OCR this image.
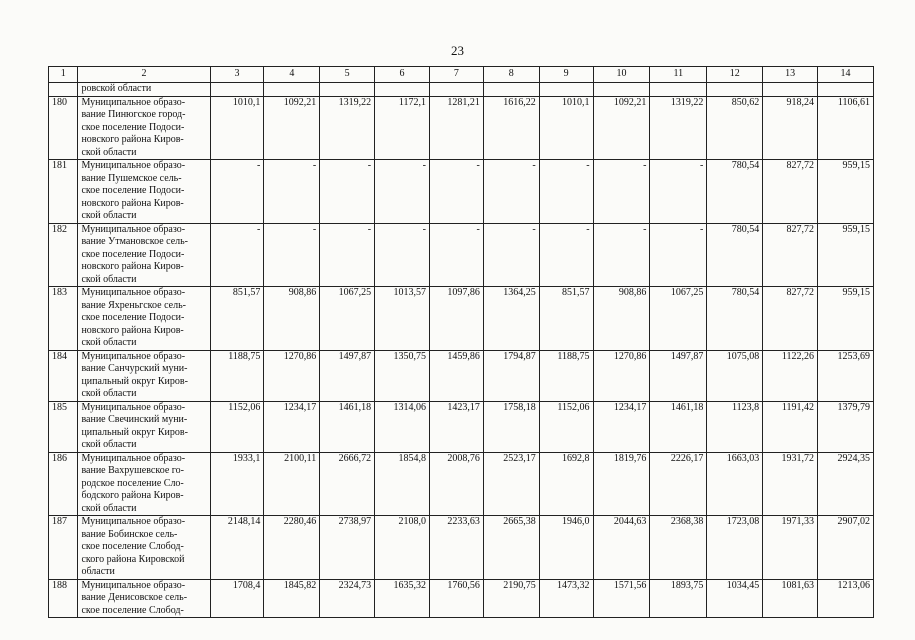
23
1	2	3	4	5	6	7	8	9	10	11	12	13	14
	ровской области												
180	Муниципальное образо-
вание Пинюгское город-
ское поселение Подоси-
новского района Киров-
ской области	1010,1	1092,21	1319,22	1172,1	1281,21	1616,22	1010,1	1092,21	1319,22	850,62	918,24	1106,61
181	Муниципальное образо-
вание Пушемское сель-
ское поселение Подоси-
новского района Киров-
ской области	-	-	-	-	-	-	-	-	-	780,54	827,72	959,15
182	Муниципальное образо-
вание Утмановское сель-
ское поселение Подоси-
новского района Киров-
ской области	-	-	-	-	-	-	-	-	-	780,54	827,72	959,15
183	Муниципальное образо-
вание Яхреньгское сель-
ское поселение Подоси-
новского района Киров-
ской области	851,57	908,86	1067,25	1013,57	1097,86	1364,25	851,57	908,86	1067,25	780,54	827,72	959,15
184	Муниципальное образо-
вание Санчурский муни-
ципальный округ Киров-
ской области	1188,75	1270,86	1497,87	1350,75	1459,86	1794,87	1188,75	1270,86	1497,87	1075,08	1122,26	1253,69
185	Муниципальное образо-
вание Свечинский муни-
ципальный округ Киров-
ской области	1152,06	1234,17	1461,18	1314,06	1423,17	1758,18	1152,06	1234,17	1461,18	1123,8	1191,42	1379,79
186	Муниципальное образо-
вание Вахрушевское го-
родское поселение Сло-
бодского района Киров-
ской области	1933,1	2100,11	2666,72	1854,8	2008,76	2523,17	1692,8	1819,76	2226,17	1663,03	1931,72	2924,35
187	Муниципальное образо-
вание Бобинское сель-
ское поселение Слобод-
ского района Кировской
области	2148,14	2280,46	2738,97	2108,0	2233,63	2665,38	1946,0	2044,63	2368,38	1723,08	1971,33	2907,02
188	Муниципальное образо-
вание Денисовское сель-
ское поселение Слобод-	1708,4	1845,82	2324,73	1635,32	1760,56	2190,75	1473,32	1571,56	1893,75	1034,45	1081,63	1213,06
